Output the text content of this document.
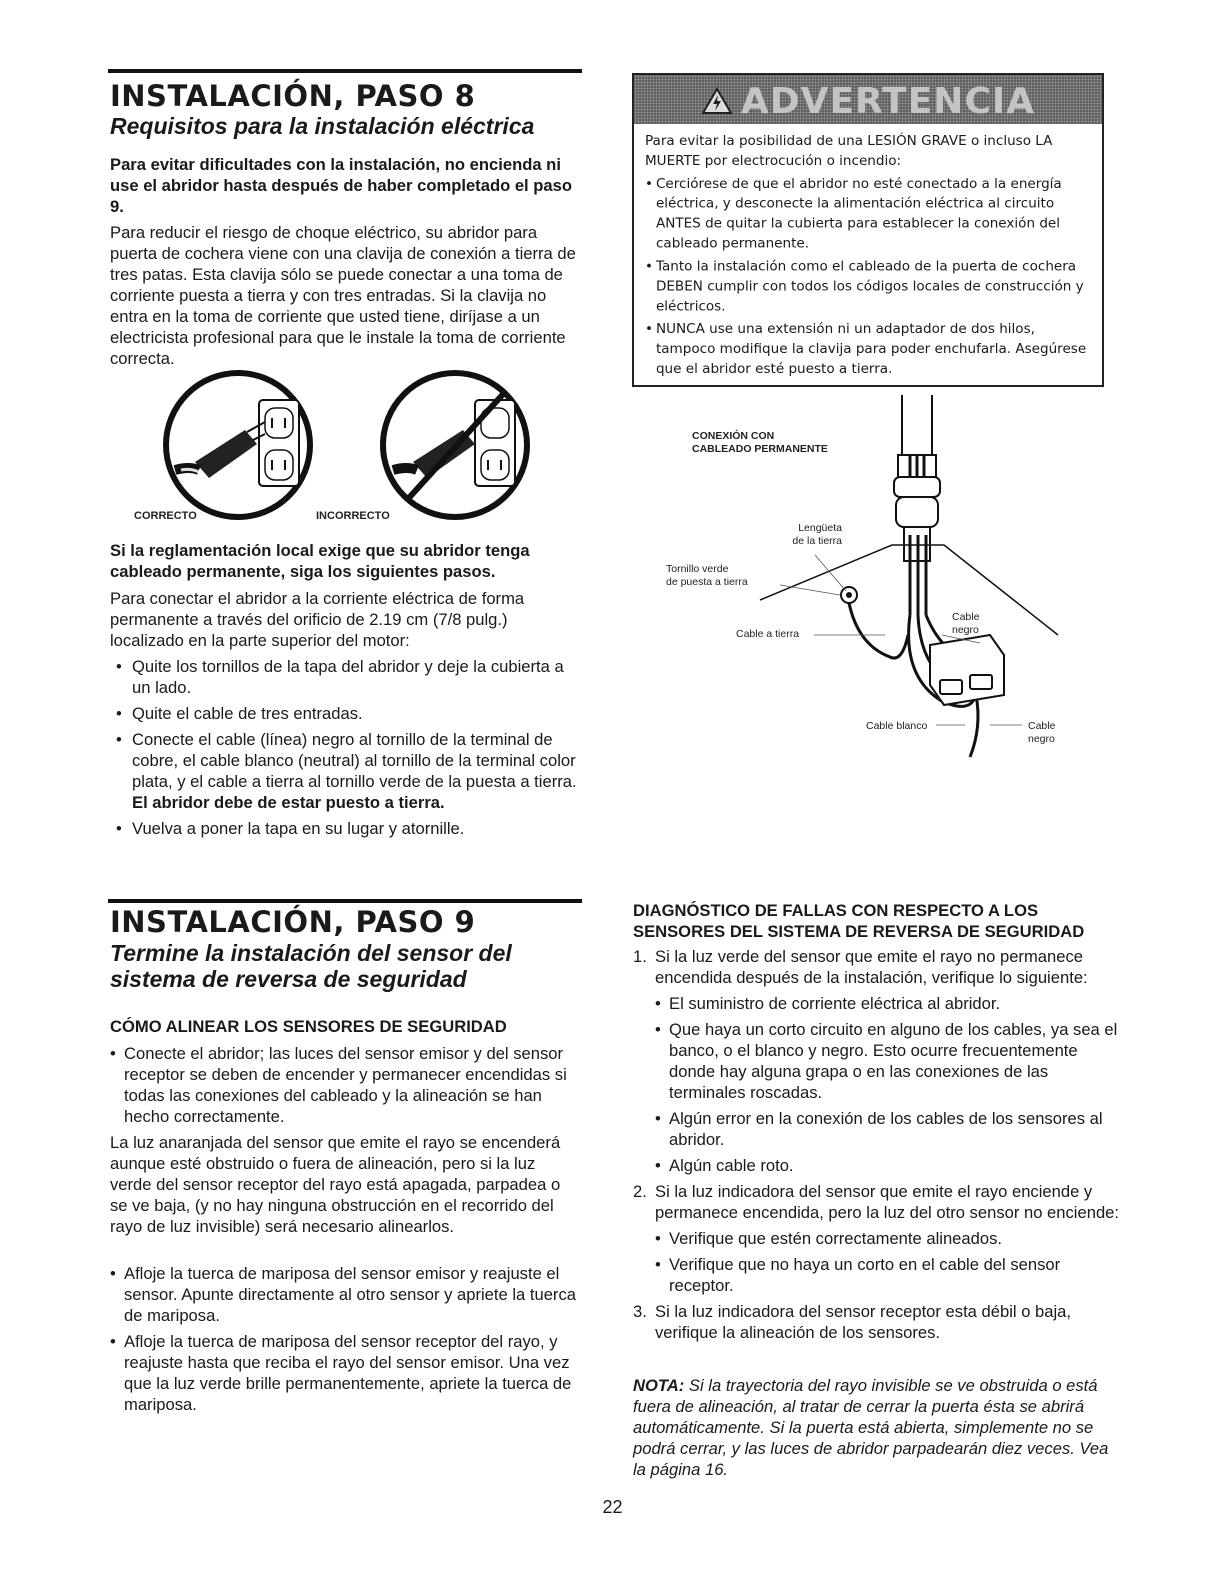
INSTALACIÓN, PASO 8
Requisitos para la instalación eléctrica

Para evitar dificultades con la instalación, no encienda ni use el abridor hasta después de haber completado el paso 9.

Para reducir el riesgo de choque eléctrico, su abridor para puerta de cochera viene con una clavija de conexión a tierra de tres patas. Esta clavija sólo se puede conectar a una toma de corriente puesta a tierra y con tres entradas. Si la clavija no entra en la toma de corriente que usted tiene, diríjase a un electricista profesional para que le instale la toma de corriente correcta.

CORRECTO	INCORRECTO

Si la reglamentación local exige que su abridor tenga cableado permanente, siga los siguientes pasos.

Para conectar el abridor a la corriente eléctrica de forma permanente a través del orificio de 2.19 cm (7/8 pulg.) localizado en la parte superior del motor:

• Quite los tornillos de la tapa del abridor y deje la cubierta a un lado.
• Quite el cable de tres entradas.
• Conecte el cable (línea) negro al tornillo de la terminal de cobre, el cable blanco (neutral) al tornillo de la terminal color plata, y el cable a tierra al tornillo verde de la puesta a tierra. El abridor debe de estar puesto a tierra.
• Vuelva a poner la tapa en su lugar y atornille.
ADVERTENCIA
Para evitar la posibilidad de una LESIÓN GRAVE o incluso LA MUERTE por electrocución o incendio:
• Cerciórese de que el abridor no esté conectado a la energía eléctrica, y desconecte la alimentación eléctrica al circuito ANTES de quitar la cubierta para establecer la conexión del cableado permanente.
• Tanto la instalación como el cableado de la puerta de cochera DEBEN cumplir con todos los códigos locales de construcción y eléctricos.
• NUNCA use una extensión ni un adaptador de dos hilos, tampoco modifique la clavija para poder enchufarla. Asegúrese que el abridor esté puesto a tierra.
CONEXIÓN CON
CABLEADO PERMANENTE
Lengüeta
de la tierra
Tornillo verde
de puesta a tierra
Cable a tierra
Cable
negro
Cable blanco	Cable
negro
INSTALACIÓN, PASO 9
Termine la instalación del sensor del
sistema de reversa de seguridad

CÓMO ALINEAR LOS SENSORES DE SEGURIDAD

• Conecte el abridor; las luces del sensor emisor y del sensor receptor se deben de encender y permanecer encendidas si todas las conexiones del cableado y la alineación se han hecho correctamente.

La luz anaranjada del sensor que emite el rayo se encenderá aunque esté obstruido o fuera de alineación, pero si la luz verde del sensor receptor del rayo está apagada, parpadea o se ve baja, (y no hay ninguna obstrucción en el recorrido del rayo de luz invisible) será necesario alinearlos.

• Afloje la tuerca de mariposa del sensor emisor y reajuste el sensor. Apunte directamente al otro sensor y apriete la tuerca de mariposa.
• Afloje la tuerca de mariposa del sensor receptor del rayo, y reajuste hasta que reciba el rayo del sensor emisor. Una vez que la luz verde brille permanentemente, apriete la tuerca de mariposa.

DIAGNÓSTICO DE FALLAS CON RESPECTO A LOS SENSORES DEL SISTEMA DE REVERSA DE SEGURIDAD

1. Si la luz verde del sensor que emite el rayo no permanece encendida después de la instalación, verifique lo siguiente:
• El suministro de corriente eléctrica al abridor.
• Que haya un corto circuito en alguno de los cables, ya sea el banco, o el blanco y negro. Esto ocurre frecuentemente donde hay alguna grapa o en las conexiones de las terminales roscadas.
• Algún error en la conexión de los cables de los sensores al abridor.
• Algún cable roto.
2. Si la luz indicadora del sensor que emite el rayo enciende y permanece encendida, pero la luz del otro sensor no enciende:
• Verifique que estén correctamente alineados.
• Verifique que no haya un corto en el cable del sensor receptor.
3. Si la luz indicadora del sensor receptor esta débil o baja, verifique la alineación de los sensores.

NOTA: Si la trayectoria del rayo invisible se ve obstruida o está fuera de alineación, al tratar de cerrar la puerta ésta se abrirá automáticamente. Si la puerta está abierta, simplemente no se podrá cerrar, y las luces de abridor parpadearán diez veces. Vea la página 16.

22
